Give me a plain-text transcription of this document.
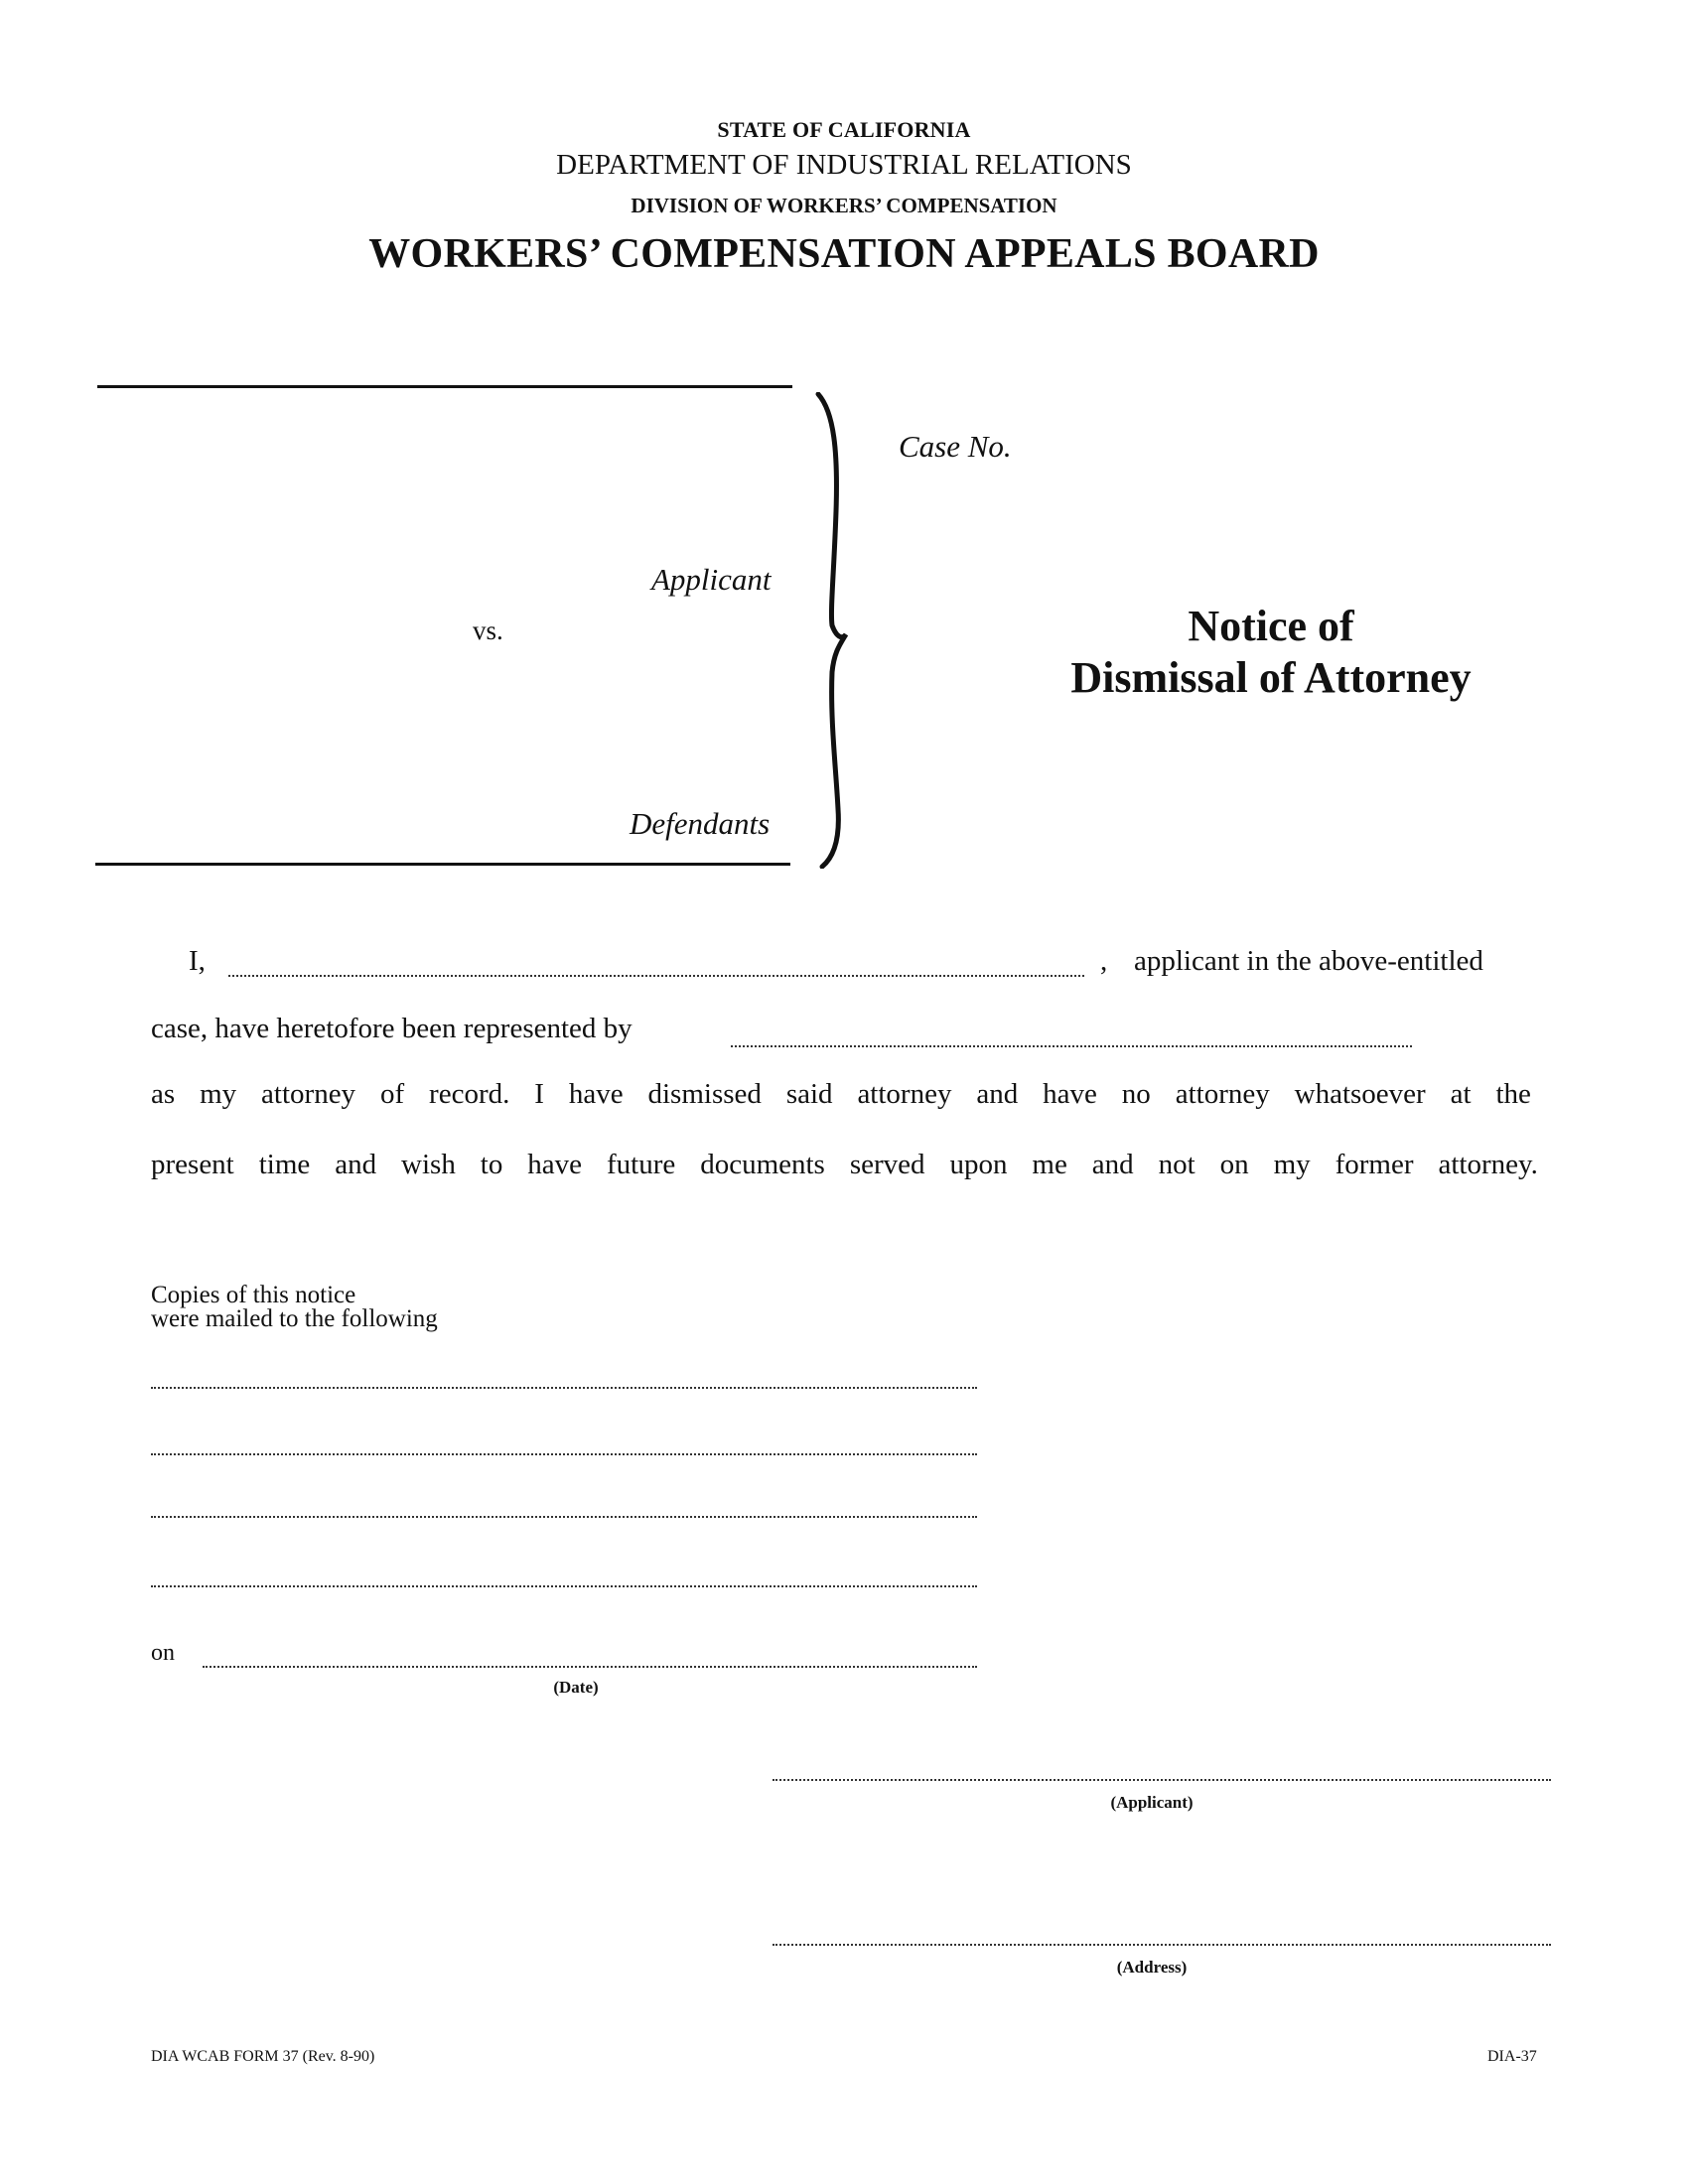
STATE OF CALIFORNIA
DEPARTMENT OF INDUSTRIAL RELATIONS
DIVISION OF WORKERS’ COMPENSATION
WORKERS’ COMPENSATION APPEALS BOARD
Case No.
Applicant
vs.
Defendants
Notice of
Dismissal of Attorney
I,	, applicant in the above-entitled
case, have heretofore been represented by
as my attorney of record. I have dismissed said attorney and have no attorney whatsoever at the
present time and wish to have future documents served upon me and not on my former attorney.
Copies of this notice
were mailed to the following
on
(Date)
(Applicant)
(Address)
DIA WCAB FORM 37 (Rev. 8-90)	DIA-37
